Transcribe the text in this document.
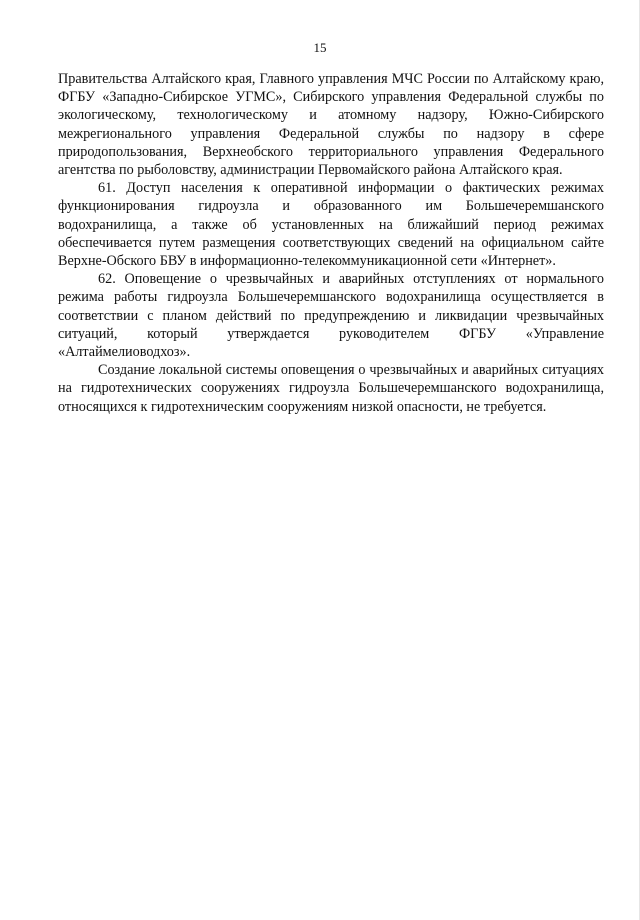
15

Правительства Алтайского края, Главного управления МЧС России по Алтайскому краю, ФГБУ «Западно-Сибирское УГМС», Сибирского управления Федеральной службы по экологическому, технологическому и атомному надзору, Южно-Сибирского межрегионального управления Федеральной службы по надзору в сфере природопользования, Верхнеобского территориального управления Федерального агентства по рыболовству, администрации Первомайского района Алтайского края.

61. Доступ населения к оперативной информации о фактических режимах функционирования гидроузла и образованного им Большечеремшанского водохранилища, а также об установленных на ближайший период режимах обеспечивается путем размещения соответствующих сведений на официальном сайте Верхне-Обского БВУ в информационно-телекоммуникационной сети «Интернет».

62. Оповещение о чрезвычайных и аварийных отступлениях от нормального режима работы гидроузла Большечеремшанского водохранилища осуществляется в соответствии с планом действий по предупреждению и ликвидации чрезвычайных ситуаций, который утверждается руководителем ФГБУ «Управление «Алтаймелиоводхоз».

Создание локальной системы оповещения о чрезвычайных и аварийных ситуациях на гидротехнических сооружениях гидроузла Большечеремшанского водохранилища, относящихся к гидротехническим сооружениям низкой опасности, не требуется.
